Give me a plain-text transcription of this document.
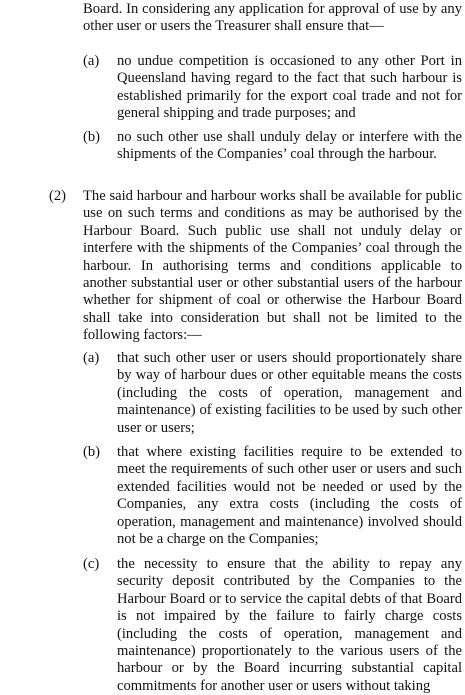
Board. In considering any application for approval of use by any other user or users the Treasurer shall ensure that—

(a) no undue competition is occasioned to any other Port in Queensland having regard to the fact that such harbour is established primarily for the export coal trade and not for general shipping and trade purposes; and

(b) no such other use shall unduly delay or interfere with the shipments of the Companies’ coal through the harbour.

(2) The said harbour and harbour works shall be available for public use on such terms and conditions as may be authorised by the Harbour Board. Such public use shall not unduly delay or interfere with the shipments of the Companies’ coal through the harbour. In authorising terms and conditions applicable to another substantial user or other substantial users of the harbour whether for shipment of coal or otherwise the Harbour Board shall take into consideration but shall not be limited to the following factors:—

(a) that such other user or users should proportionately share by way of harbour dues or other equitable means the costs (including the costs of operation, management and maintenance) of existing facilities to be used by such other user or users;

(b) that where existing facilities require to be extended to meet the requirements of such other user or users and such extended facilities would not be needed or used by the Companies, any extra costs (including the costs of operation, management and maintenance) involved should not be a charge on the Companies;

(c) the necessity to ensure that the ability to repay any security deposit contributed by the Companies to the Harbour Board or to service the capital debts of that Board is not impaired by the failure to fairly charge costs (including the costs of operation, management and maintenance) proportionately to the various users of the harbour or by the Board incurring substantial capital commitments for another user or users without taking
